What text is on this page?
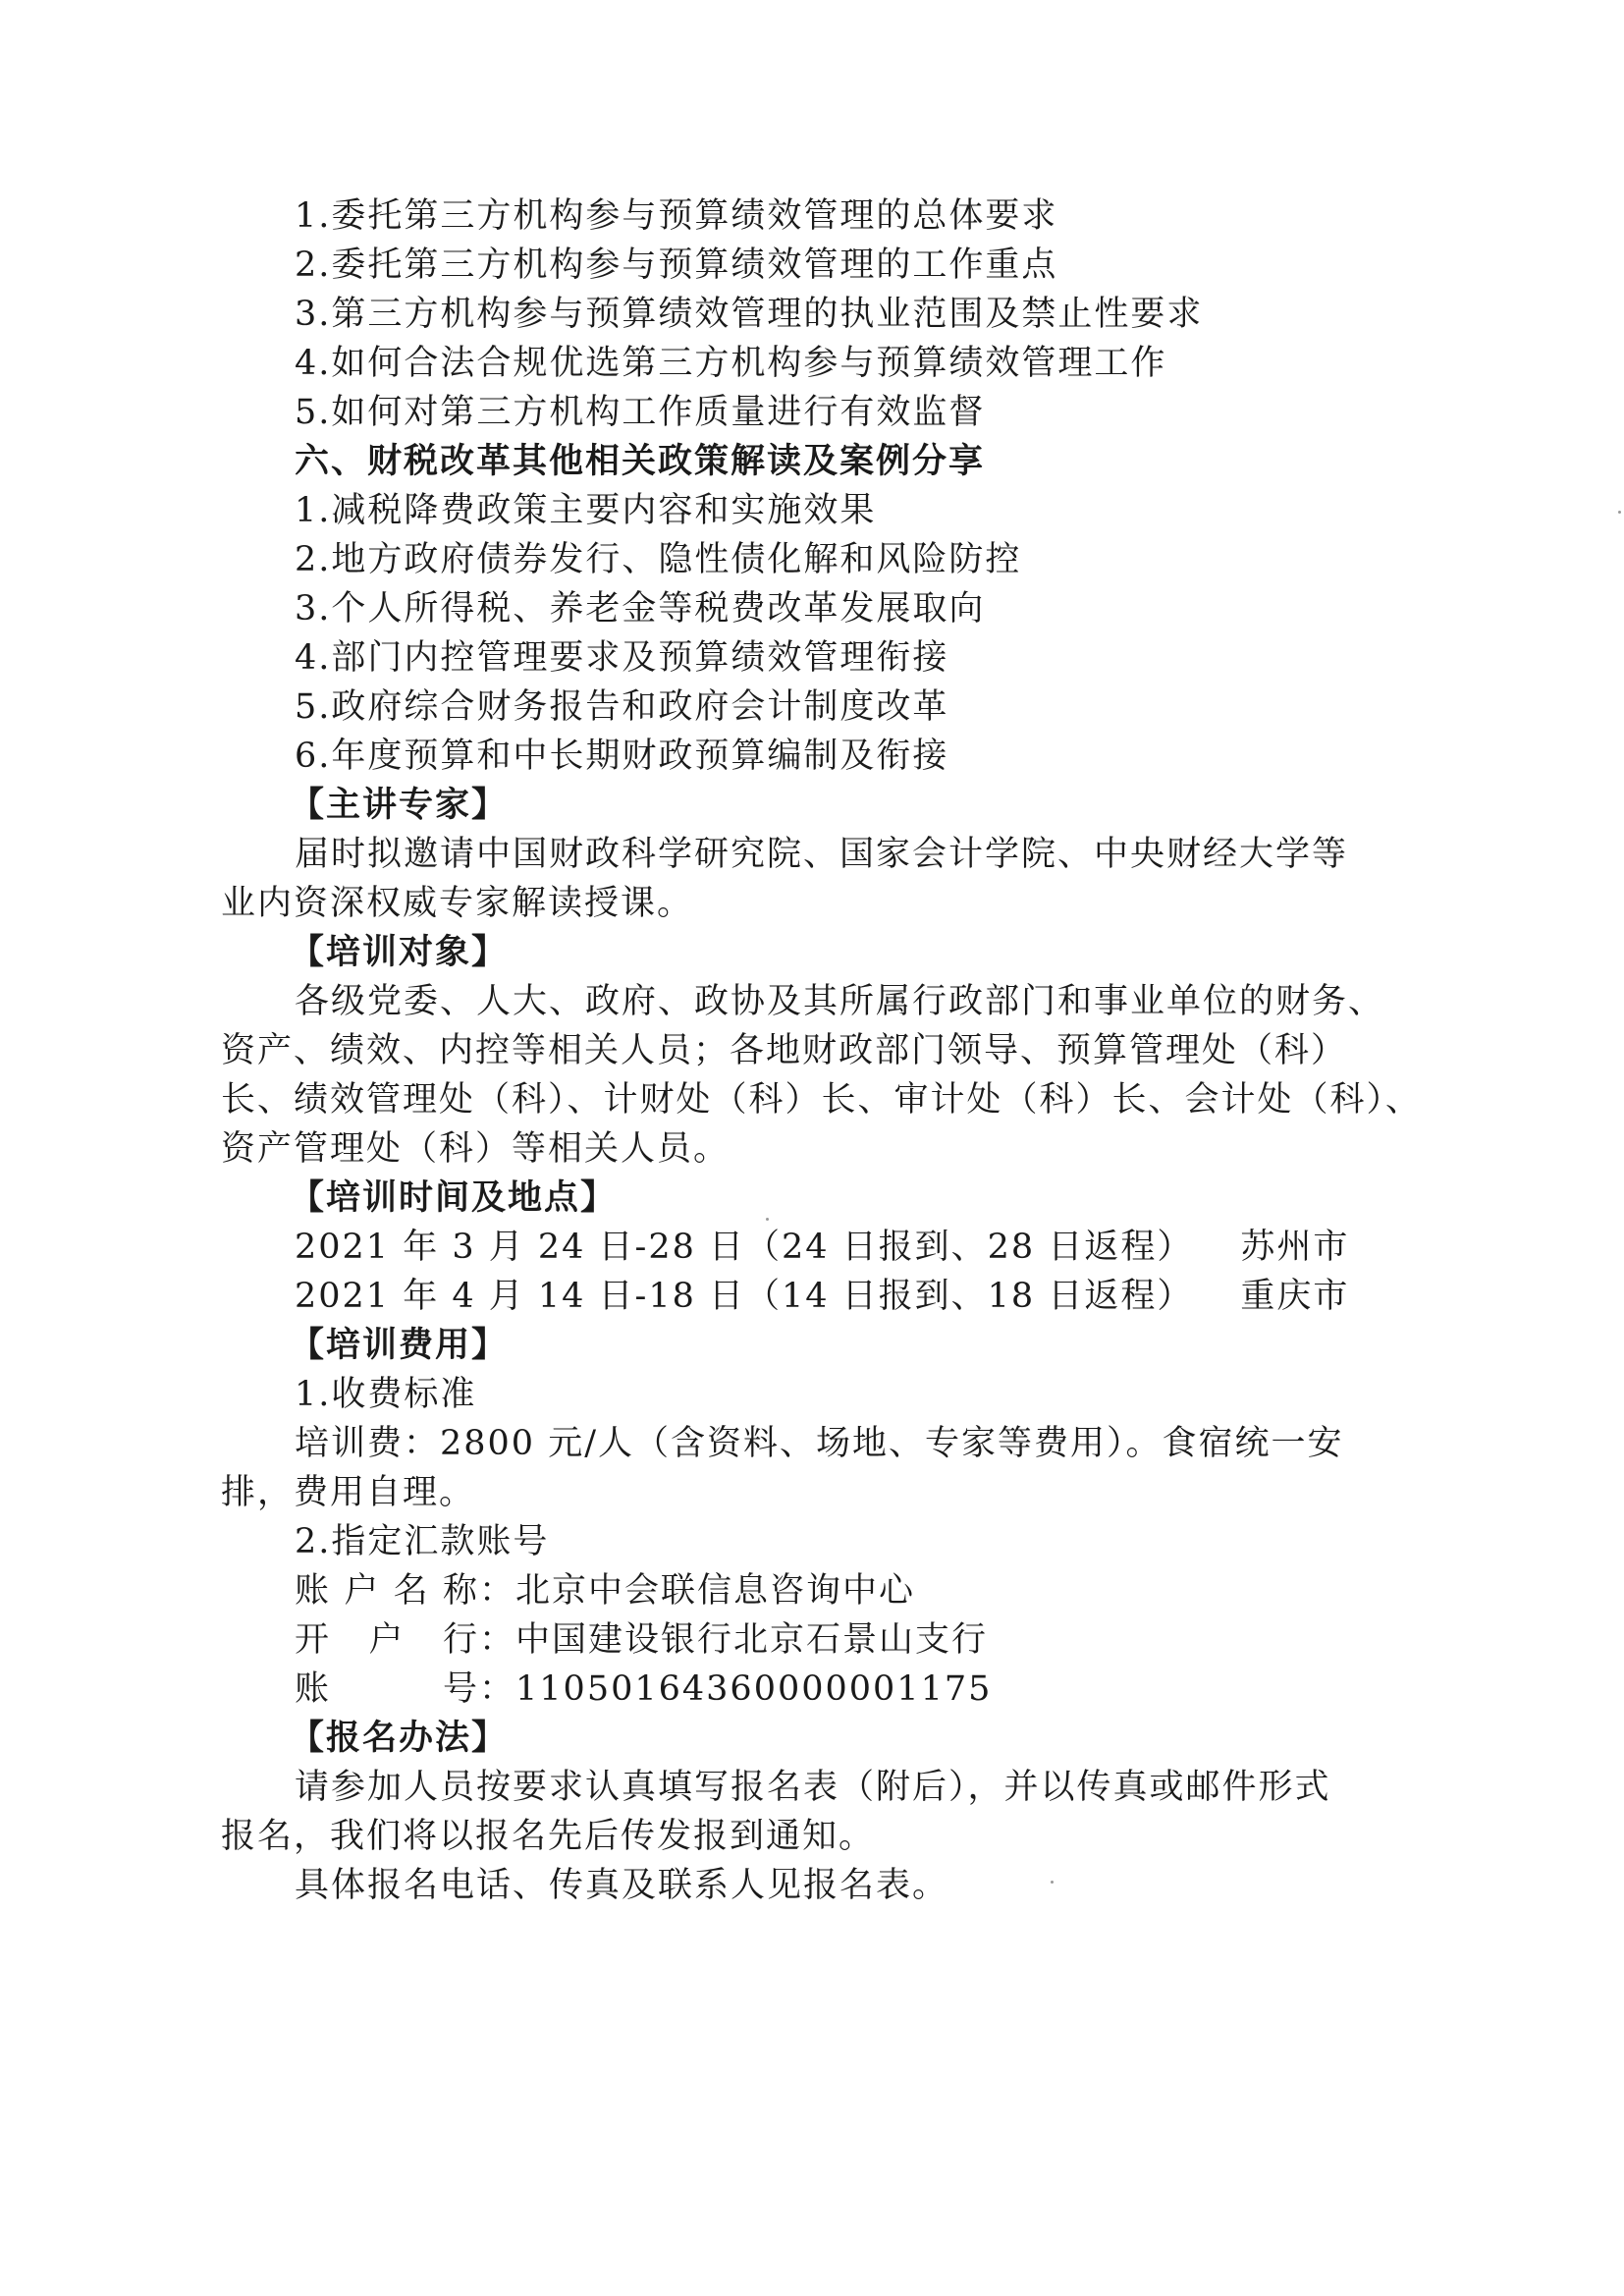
1.委托第三方机构参与预算绩效管理的总体要求
2.委托第三方机构参与预算绩效管理的工作重点
3.第三方机构参与预算绩效管理的执业范围及禁止性要求
4.如何合法合规优选第三方机构参与预算绩效管理工作
5.如何对第三方机构工作质量进行有效监督
六、财税改革其他相关政策解读及案例分享
1.减税降费政策主要内容和实施效果
2.地方政府债券发行、隐性债化解和风险防控
3.个人所得税、养老金等税费改革发展取向
4.部门内控管理要求及预算绩效管理衔接
5.政府综合财务报告和政府会计制度改革
6.年度预算和中长期财政预算编制及衔接
【主讲专家】
届时拟邀请中国财政科学研究院、国家会计学院、中央财经大学等
业内资深权威专家解读授课。
【培训对象】
各级党委、人大、政府、政协及其所属行政部门和事业单位的财务、
资产、绩效、内控等相关人员；各地财政部门领导、预算管理处（科）
长、绩效管理处（科）、计财处（科）长、审计处（科）长、会计处（科）、
资产管理处（科）等相关人员。
【培训时间及地点】
2021 年 3 月 24 日-28 日（24 日报到、28 日返程） 苏州市
2021 年 4 月 14 日-18 日（14 日报到、18 日返程） 重庆市
【培训费用】
1.收费标准
培训费：2800 元/人（含资料、场地、专家等费用）。食宿统一安
排，费用自理。
2.指定汇款账号
账户名称：北京中会联信息咨询中心
开 户 行：中国建设银行北京石景山支行
账 号：11050164360000001175
【报名办法】
请参加人员按要求认真填写报名表（附后），并以传真或邮件形式
报名，我们将以报名先后传发报到通知。
具体报名电话、传真及联系人见报名表。
